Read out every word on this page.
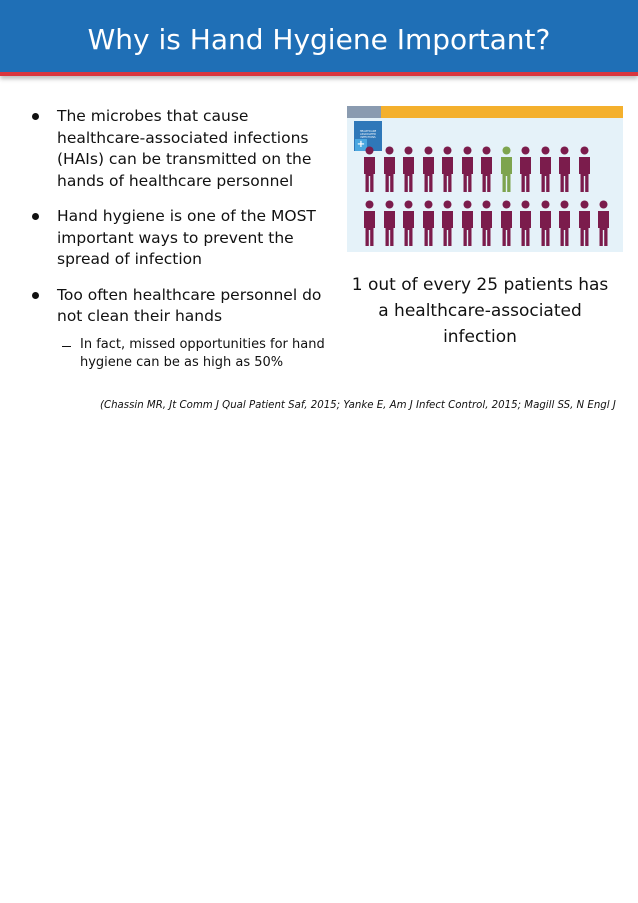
Why is Hand Hygiene Important?
The microbes that cause healthcare-associated infections (HAIs) can be transmitted on the hands of healthcare personnel
Hand hygiene is one of the MOST important ways to prevent the spread of infection
Too often healthcare personnel do not clean their hands
In fact, missed opportunities for hand hygiene can be as high as 50%
(Chassin MR, Jt Comm J Qual Patient Saf, 2015; Yanke E, Am J Infect Control, 2015; Magill SS, N Engl J
HEALTHCARE ASSOCIATED INFECTIONS
+
1 out of every 25 patients has a healthcare-associated infection
